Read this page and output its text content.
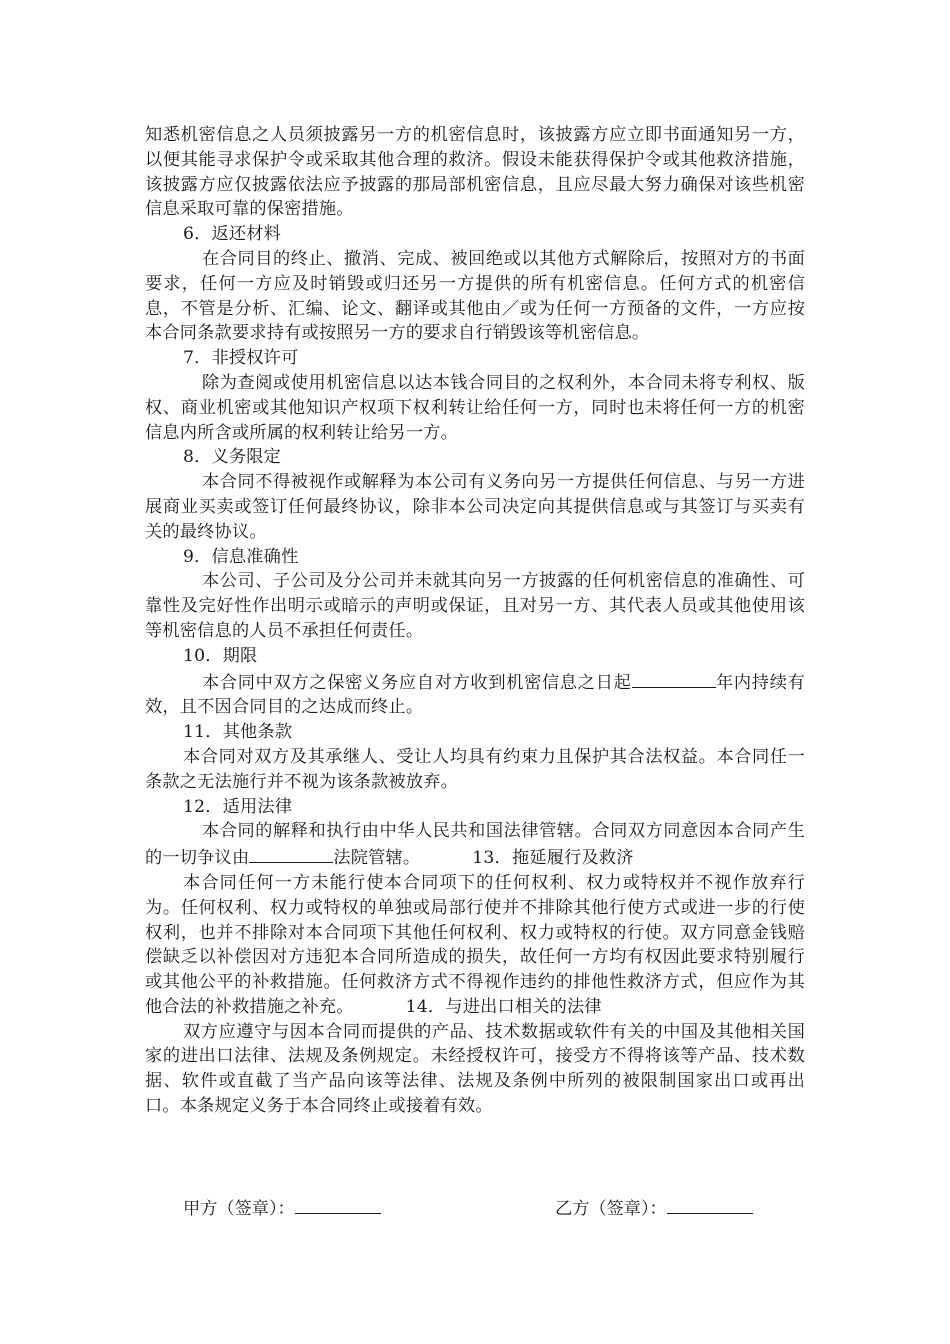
知悉机密信息之人员须披露另一方的机密信息时，该披露方应立即书面通知另一方，以便其能寻求保护令或采取其他合理的救济。假设未能获得保护令或其他救济措施，该披露方应仅披露依法应予披露的那局部机密信息，且应尽最大努力确保对该些机密信息采取可靠的保密措施。

6．返还材料

在合同目的终止、撤消、完成、被回绝或以其他方式解除后，按照对方的书面要求，任何一方应及时销毁或归还另一方提供的所有机密信息。任何方式的机密信息，不管是分析、汇编、论文、翻译或其他由／或为任何一方预备的文件，一方应按本合同条款要求持有或按照另一方的要求自行销毁该等机密信息。

7．非授权许可

除为查阅或使用机密信息以达本钱合同目的之权利外，本合同未将专利权、版权、商业机密或其他知识产权项下权利转让给任何一方，同时也未将任何一方的机密信息内所含或所属的权利转让给另一方。

8．义务限定

本合同不得被视作或解释为本公司有义务向另一方提供任何信息、与另一方进展商业买卖或签订任何最终协议，除非本公司决定向其提供信息或与其签订与买卖有关的最终协议。

9．信息准确性

本公司、子公司及分公司并未就其向另一方披露的任何机密信息的准确性、可靠性及完好性作出明示或暗示的声明或保证，且对另一方、其代表人员或其他使用该等机密信息的人员不承担任何责任。

10．期限

本合同中双方之保密义务应自对方收到机密信息之日起	年内持续有效，且不因合同目的之达成而终止。

11．其他条款

本合同对双方及其承继人、受让人均具有约束力且保护其合法权益。本合同任一条款之无法施行并不视为该条款被放弃。

12．适用法律

本合同的解释和执行由中华人民共和国法律管辖。合同双方同意因本合同产生的一切争议由	法院管辖。	13．拖延履行及救济

本合同任何一方未能行使本合同项下的任何权利、权力或特权并不视作放弃行为。任何权利、权力或特权的单独或局部行使并不排除其他行使方式或进一步的行使权利，也并不排除对本合同项下其他任何权利、权力或特权的行使。双方同意金钱赔偿缺乏以补偿因对方违犯本合同所造成的损失，故任何一方均有权因此要求特别履行或其他公平的补救措施。任何救济方式不得视作违约的排他性救济方式，但应作为其他合法的补救措施之补充。	14．与进出口相关的法律

双方应遵守与因本合同而提供的产品、技术数据或软件有关的中国及其他相关国家的进出口法律、法规及条例规定。未经授权许可，接受方不得将该等产品、技术数据、软件或直截了当产品向该等法律、法规及条例中所列的被限制国家出口或再出口。本条规定义务于本合同终止或接着有效。

甲方（签章）：	乙方（签章）：
